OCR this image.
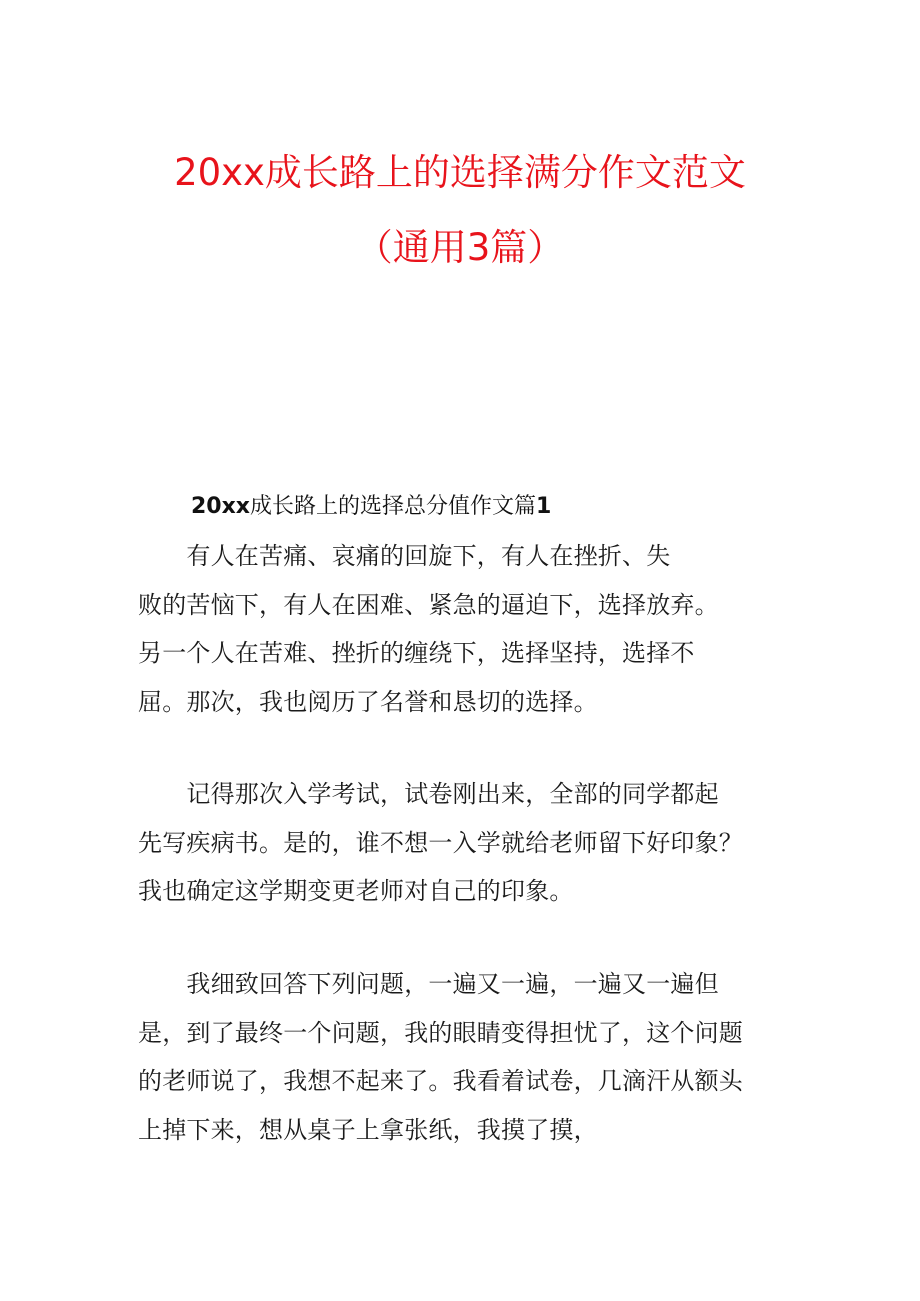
20xx成长路上的选择满分作文范文
（通用3篇）
20xx成长路上的选择总分值作文篇1

　　有人在苦痛、哀痛的回旋下，有人在挫折、失
败的苦恼下，有人在困难、紧急的逼迫下，选择放弃。
另一个人在苦难、挫折的缠绕下，选择坚持，选择不
屈。那次，我也阅历了名誉和恳切的选择。

　　记得那次入学考试，试卷刚出来，全部的同学都起
先写疾病书。是的，谁不想一入学就给老师留下好印象？
我也确定这学期变更老师对自己的印象。

　　我细致回答下列问题，一遍又一遍，一遍又一遍但
是，到了最终一个问题，我的眼睛变得担忧了，这个问题
的老师说了，我想不起来了。我看着试卷，几滴汗从额头
上掉下来，想从桌子上拿张纸，我摸了摸，
